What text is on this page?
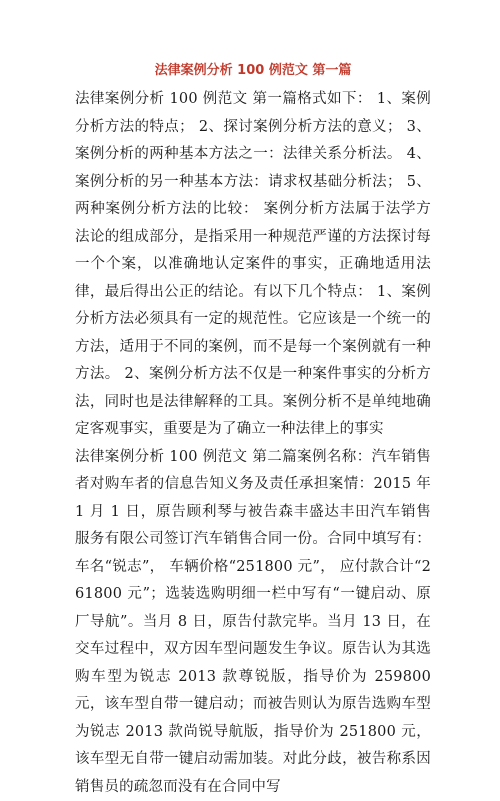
法律案例分析 100 例范文 第一篇

法律案例分析 100 例范文 第一篇格式如下： 1、案例分析方法的特点； 2、探讨案例分析方法的意义； 3、案例分析的两种基本方法之一：法律关系分析法。 4、案例分析的另一种基本方法：请求权基础分析法； 5、两种案例分析方法的比较： 案例分析方法属于法学方法论的组成部分，是指采用一种规范严谨的方法探讨每一个个案，以准确地认定案件的事实，正确地适用法律，最后得出公正的结论。有以下几个特点： 1、案例分析方法必须具有一定的规范性。它应该是一个统一的方法，适用于不同的案例，而不是每一个案例就有一种方法。 2、案例分析方法不仅是一种案件事实的分析方法，同时也是法律解释的工具。案例分析不是单纯地确定客观事实，重要是为了确立一种法律上的事实

法律案例分析 100 例范文 第二篇案例名称：汽车销售者对购车者的信息告知义务及责任承担案情：2015 年 1 月 1 日，原告顾利琴与被告森丰盛达丰田汽车销售服务有限公司签订汽车销售合同一份。合同中填写有：车名“锐志”， 车辆价格“251800 元”， 应付款合计“261800 元”；选装选购明细一栏中写有“一键启动、原厂导航”。当月 8 日，原告付款完毕。当月 13 日，在交车过程中，双方因车型问题发生争议。原告认为其选购车型为锐志 2013 款尊锐版，指导价为 259800 元，该车型自带一键启动；而被告则认为原告选购车型为锐志 2013 款尚锐导航版，指导价为 251800 元，该车型无自带一键启动需加装。对此分歧，被告称系因销售员的疏忽而没有在合同中写
